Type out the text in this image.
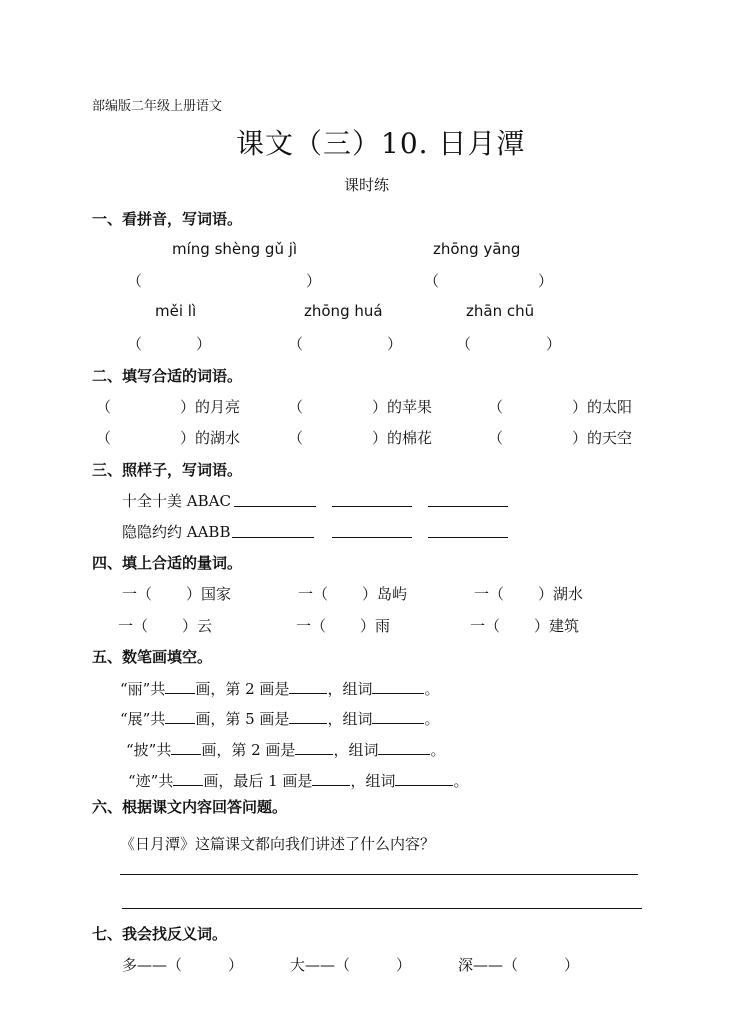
部编版二年级上册语文
课文（三）10. 日月潭
课时练
一、看拼音，写词语。
míng shèng gǔ jì	zhōng yāng
（	）	（	）
měi lì	zhōng huá	zhān chū
（	）	（	）	（	）
二、填写合适的词语。
（	）的月亮	（	）的苹果	（	）的太阳
（	）的湖水	（	）的棉花	（	）的天空
三、照样子，写词语。
十全十美 ABAC
隐隐约约 AABB
四、填上合适的量词。
一（ ）国家	一（ ）岛屿	一（ ）湖水
一（ ）云	一（ ）雨	一（ ）建筑
五、数笔画填空。
“丽”共 画，第 2 画是	，组词	。
“展”共 画，第 5 画是	，组词	。
“披”共 画，第 2 画是	，组词	。
“迹”共 画，最后 1 画是	，组词	。
六、根据课文内容回答问题。
《日月潭》这篇课文都向我们讲述了什么内容？
七、我会找反义词。
多——（	）	大——（	）	深——（	）
